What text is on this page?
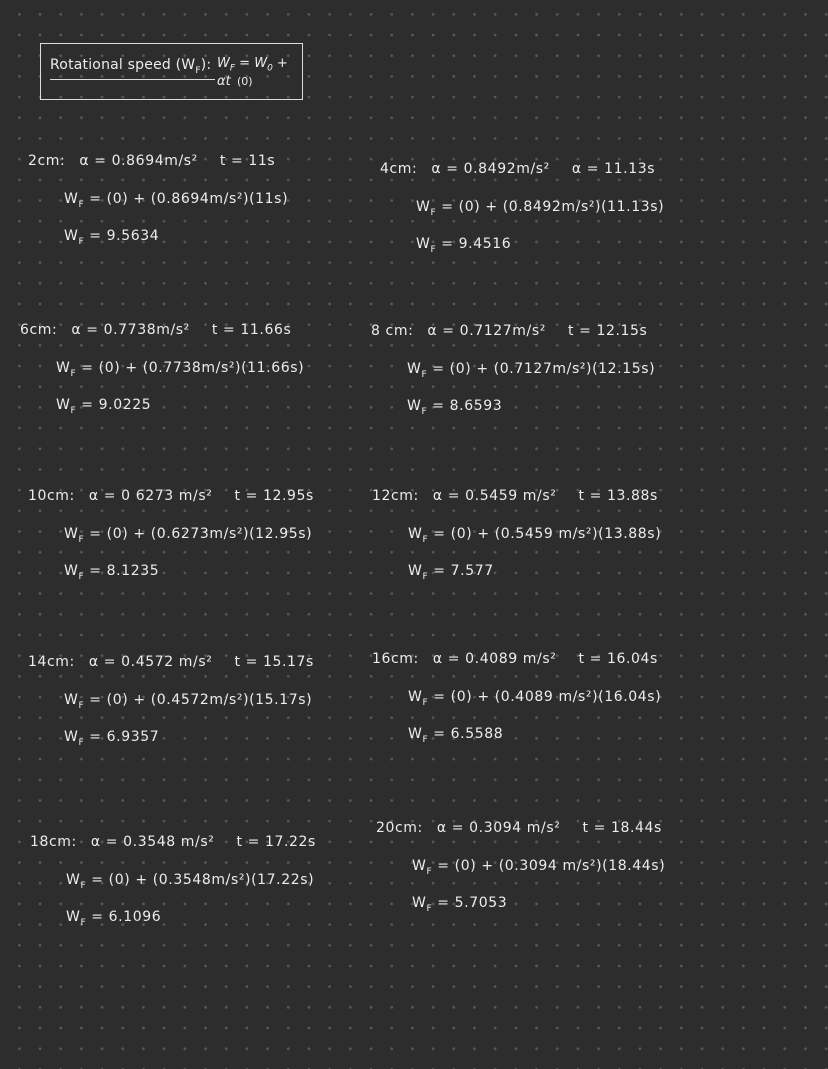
Rotational speed $(W_F)$: $W_F = W_0 + \alpha t$ (0)
2cm: α = 0.8694m/s² t = 11s
$W_F = (0) + (0.8694m/s^2)(11s)$
$W_F = 9.5634$
4cm: α = 0.8492m/s² α = 11.13s
$W_F = (0) + (0.8492m/s^2)(11.13s)$
$W_F = 9.4516$
6cm: α = 0.7738m/s² t = 11.66s
$W_F = (0) + (0.7738m/s^2)(11.66s)$
$W_F = 9.0225$
8 cm: α = 0.7127m/s² t = 12.15s
$W_F = (0) + (0.7127m/s^2)(12.15s)$
$W_F = 8.6593$
10cm: α = 0 6273 m/s² t = 12.95s
$W_F = (0) + (0.6273m/s^2)(12.95s)$
$W_F = 8.1235$
12cm: α = 0.5459 m/s² t = 13.88s
$W_F = (0) + (0.5459$ m/s²)(13.88s)
$W_F = 7.577$
14cm: α = 0.4572 m/s² t = 15.17s
$W_F = (0) + (0.4572m/s^2)(15.17s)$
$W_F = 6.9357$
16cm: α = 0.4089 m/s² t = 16.04s
$W_F = (0) + (0.4089$ m/s²)(16.04s)
$W_F = 6.5588$
18cm: α = 0.3548 m/s² t = 17.22s
$W_F = (0) + (0.3548m/s^2)(17.22s)$
$W_F = 6.1096$
20cm: α = 0.3094 m/s² t = 18.44s
$W_F = (0) + (0.3094$ m/s²)(18.44s)
$W_F = 5.7053$
